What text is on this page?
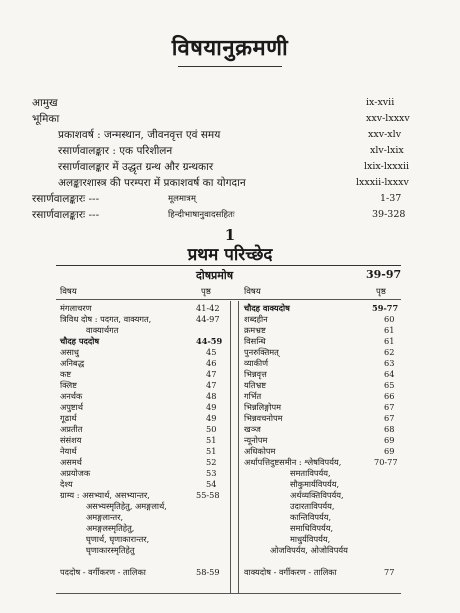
विषयानुक्रमणी
आमुख	ix-xvii
भूमिका	xxv-lxxxv
प्रकाशवर्ष : जन्मस्थान, जीवनवृत्त एवं समय	xxv-xlv
रसार्णवालङ्कार : एक परिशीलन	xlv-lxix
रसार्णवालङ्कार में उद्धृत ग्रन्थ और ग्रन्थकार	lxix-lxxxii
अलङ्कारशास्त्र की परम्परा में प्रकाशवर्ष का योगदान	lxxxii-lxxxv
रसार्णवालङ्कारः ---	मूलमात्रम्	1-37
रसार्णवालङ्कारः ---	हिन्दीभाषानुवादसहितः	39-328
1
प्रथम परिच्छेद
दोषप्रमोष	39-97
विषय	पृष्ठ	विषय	पृष्ठ
मंगलाचरण	41-42
त्रिविध दोष : पदगत, वाक्यगत,	44-97
वाक्यार्थगत
चौदह पददोष	44-59
असाधु	45
अनिबद्ध	46
कष्ट	47
क्लिष्ट	47
अनर्थक	48
अपुष्टार्थ	49
गूढार्थ	49
अप्रतीत	50
संसंशय	51
नेयार्थ	51
असमर्थ	52
अप्रयोजक	53
देश्य	54
ग्राम्य : असभ्यार्थ, असभ्यान्तर,	55-58
असभ्यस्मृतिहेतु, अमङ्गलार्थ,
अमङ्गलान्तर,
अमङ्गलस्मृतिहेतु,
घृणार्थ, घृणाकारान्तर,
घृणाकारस्मृतिहेतु
पददोष - वर्गीकरण - तालिका	58-59
चौदह वाक्यदोष	59-77
शब्दहीन	60
क्रमभ्रष्ट	61
विसन्धि	61
पुनरुक्तिमत्	62
व्याकीर्ण	63
भिन्नवृत्त	64
यतिभ्रष्ट	65
गर्भित	66
भिन्नलिङ्गोपम	67
भिन्नवचनोपम	67
खञ्ज	68
न्यूनोपम	69
अधिकोपम	69
अर्थापत्तिदुष्टसमीन : श्लेषविपर्यय,	70-77
समताविपर्यय,
सौकुमार्यविपर्यय,
अर्थव्यक्तिविपर्यय,
उदारताविपर्यय,
कान्तिविपर्यय,
समाधिविपर्यय,
माधुर्यविपर्यय,
ओजविपर्यय, ओजोविपर्यय
वाक्यदोष - वर्गीकरण - तालिका	77
